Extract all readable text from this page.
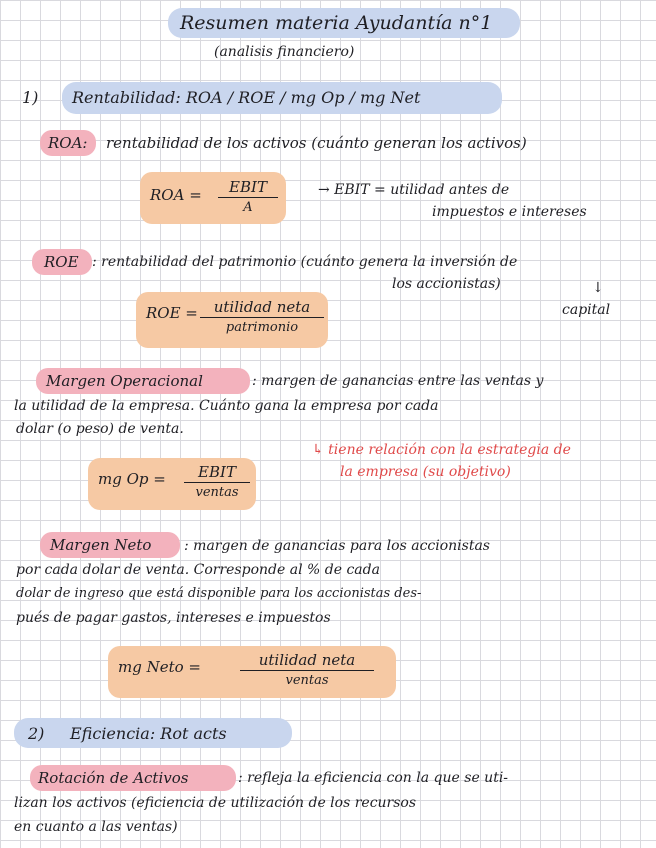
Resumen materia Ayudantía n°1
(analisis financiero)
1) Rentabilidad: ROA / ROE / mg Op / mg Net
ROA: rentabilidad de los activos (cuánto generan los activos)
ROA =	EBIT
A
→ EBIT = utilidad antes de
impuestos e intereses
ROE : rentabilidad del patrimonio (cuánto genera la inversión de
los accionistas)	↓
capital
ROE =	utilidad neta
patrimonio
Margen Operacional	: margen de ganancias entre las ventas y
la utilidad de la empresa. Cuánto gana la empresa por cada
dolar (o peso) de venta.
↳ tiene relación con la estrategia de
la empresa (su objetivo)
mg Op =	EBIT
ventas
Margen Neto : margen de ganancias para los accionistas
por cada dolar de venta. Corresponde al % de cada
dolar de ingreso que está disponible para los accionistas des-
pués de pagar gastos, intereses e impuestos
mg Neto =	utilidad neta
ventas
2) Eficiencia: Rot acts
Rotación de Activos	: refleja la eficiencia con la que se uti-
lizan los activos (eficiencia de utilización de los recursos
en cuanto a las ventas)
